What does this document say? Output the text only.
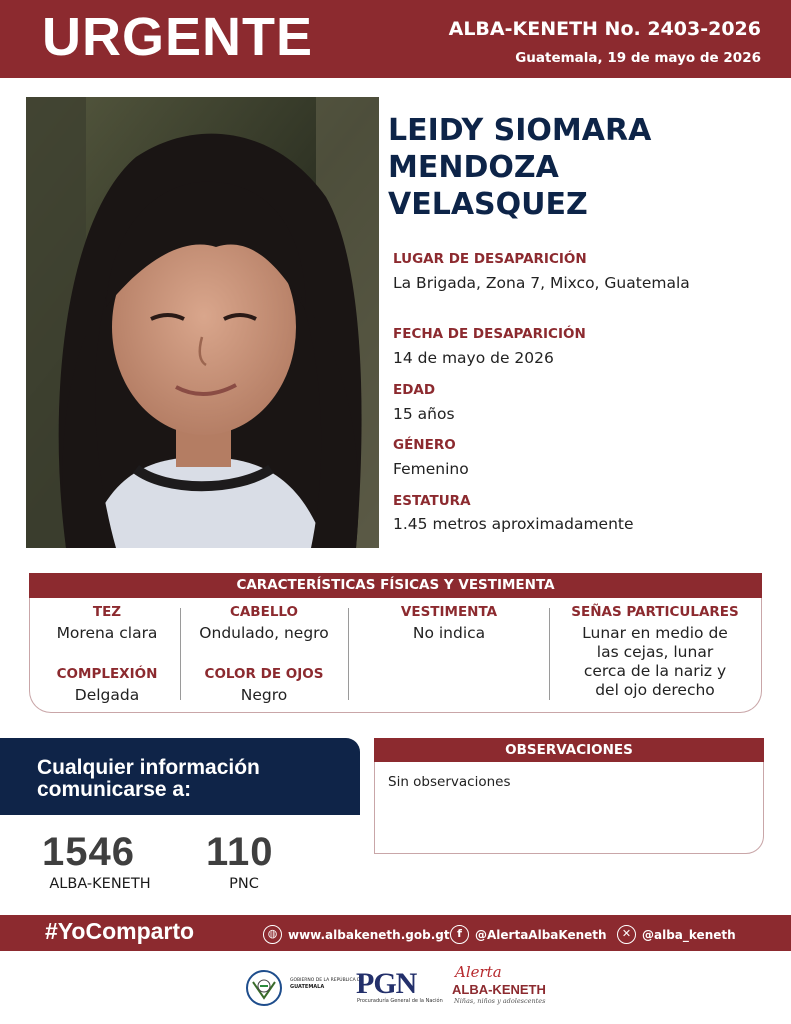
URGENTE	ALBA-KENETH No. 2403-2026
Guatemala, 19 de mayo de 2026
LEIDY SIOMARA
MENDOZA
VELASQUEZ
LUGAR DE DESAPARICIÓN
La Brigada, Zona 7, Mixco, Guatemala
FECHA DE DESAPARICIÓN
14 de mayo de 2026
EDAD
15 años
GÉNERO
Femenino
ESTATURA
1.45 metros aproximadamente
CARACTERÍSTICAS FÍSICAS Y VESTIMENTA
TEZ
Morena clara
COMPLEXIÓN
Delgada
CABELLO
Ondulado, negro
COLOR DE OJOS
Negro
VESTIMENTA
No indica
SEÑAS PARTICULARES
Lunar en medio de
las cejas, lunar
cerca de la nariz y
del ojo derecho
Cualquier información
comunicarse a:
1546
ALBA-KENETH
110
PNC
OBSERVACIONES
Sin observaciones
#YoComparto	◍ www.albakeneth.gob.gt f	@AlertaAlbaKeneth	✕ @alba_keneth
GOBIERNO DE LA REPÚBLICA DE
GUATEMALA	PGN
Procuraduría General de la Nación
Alerta
ALBA-KENETH
Niñas, niños y adolescentes
